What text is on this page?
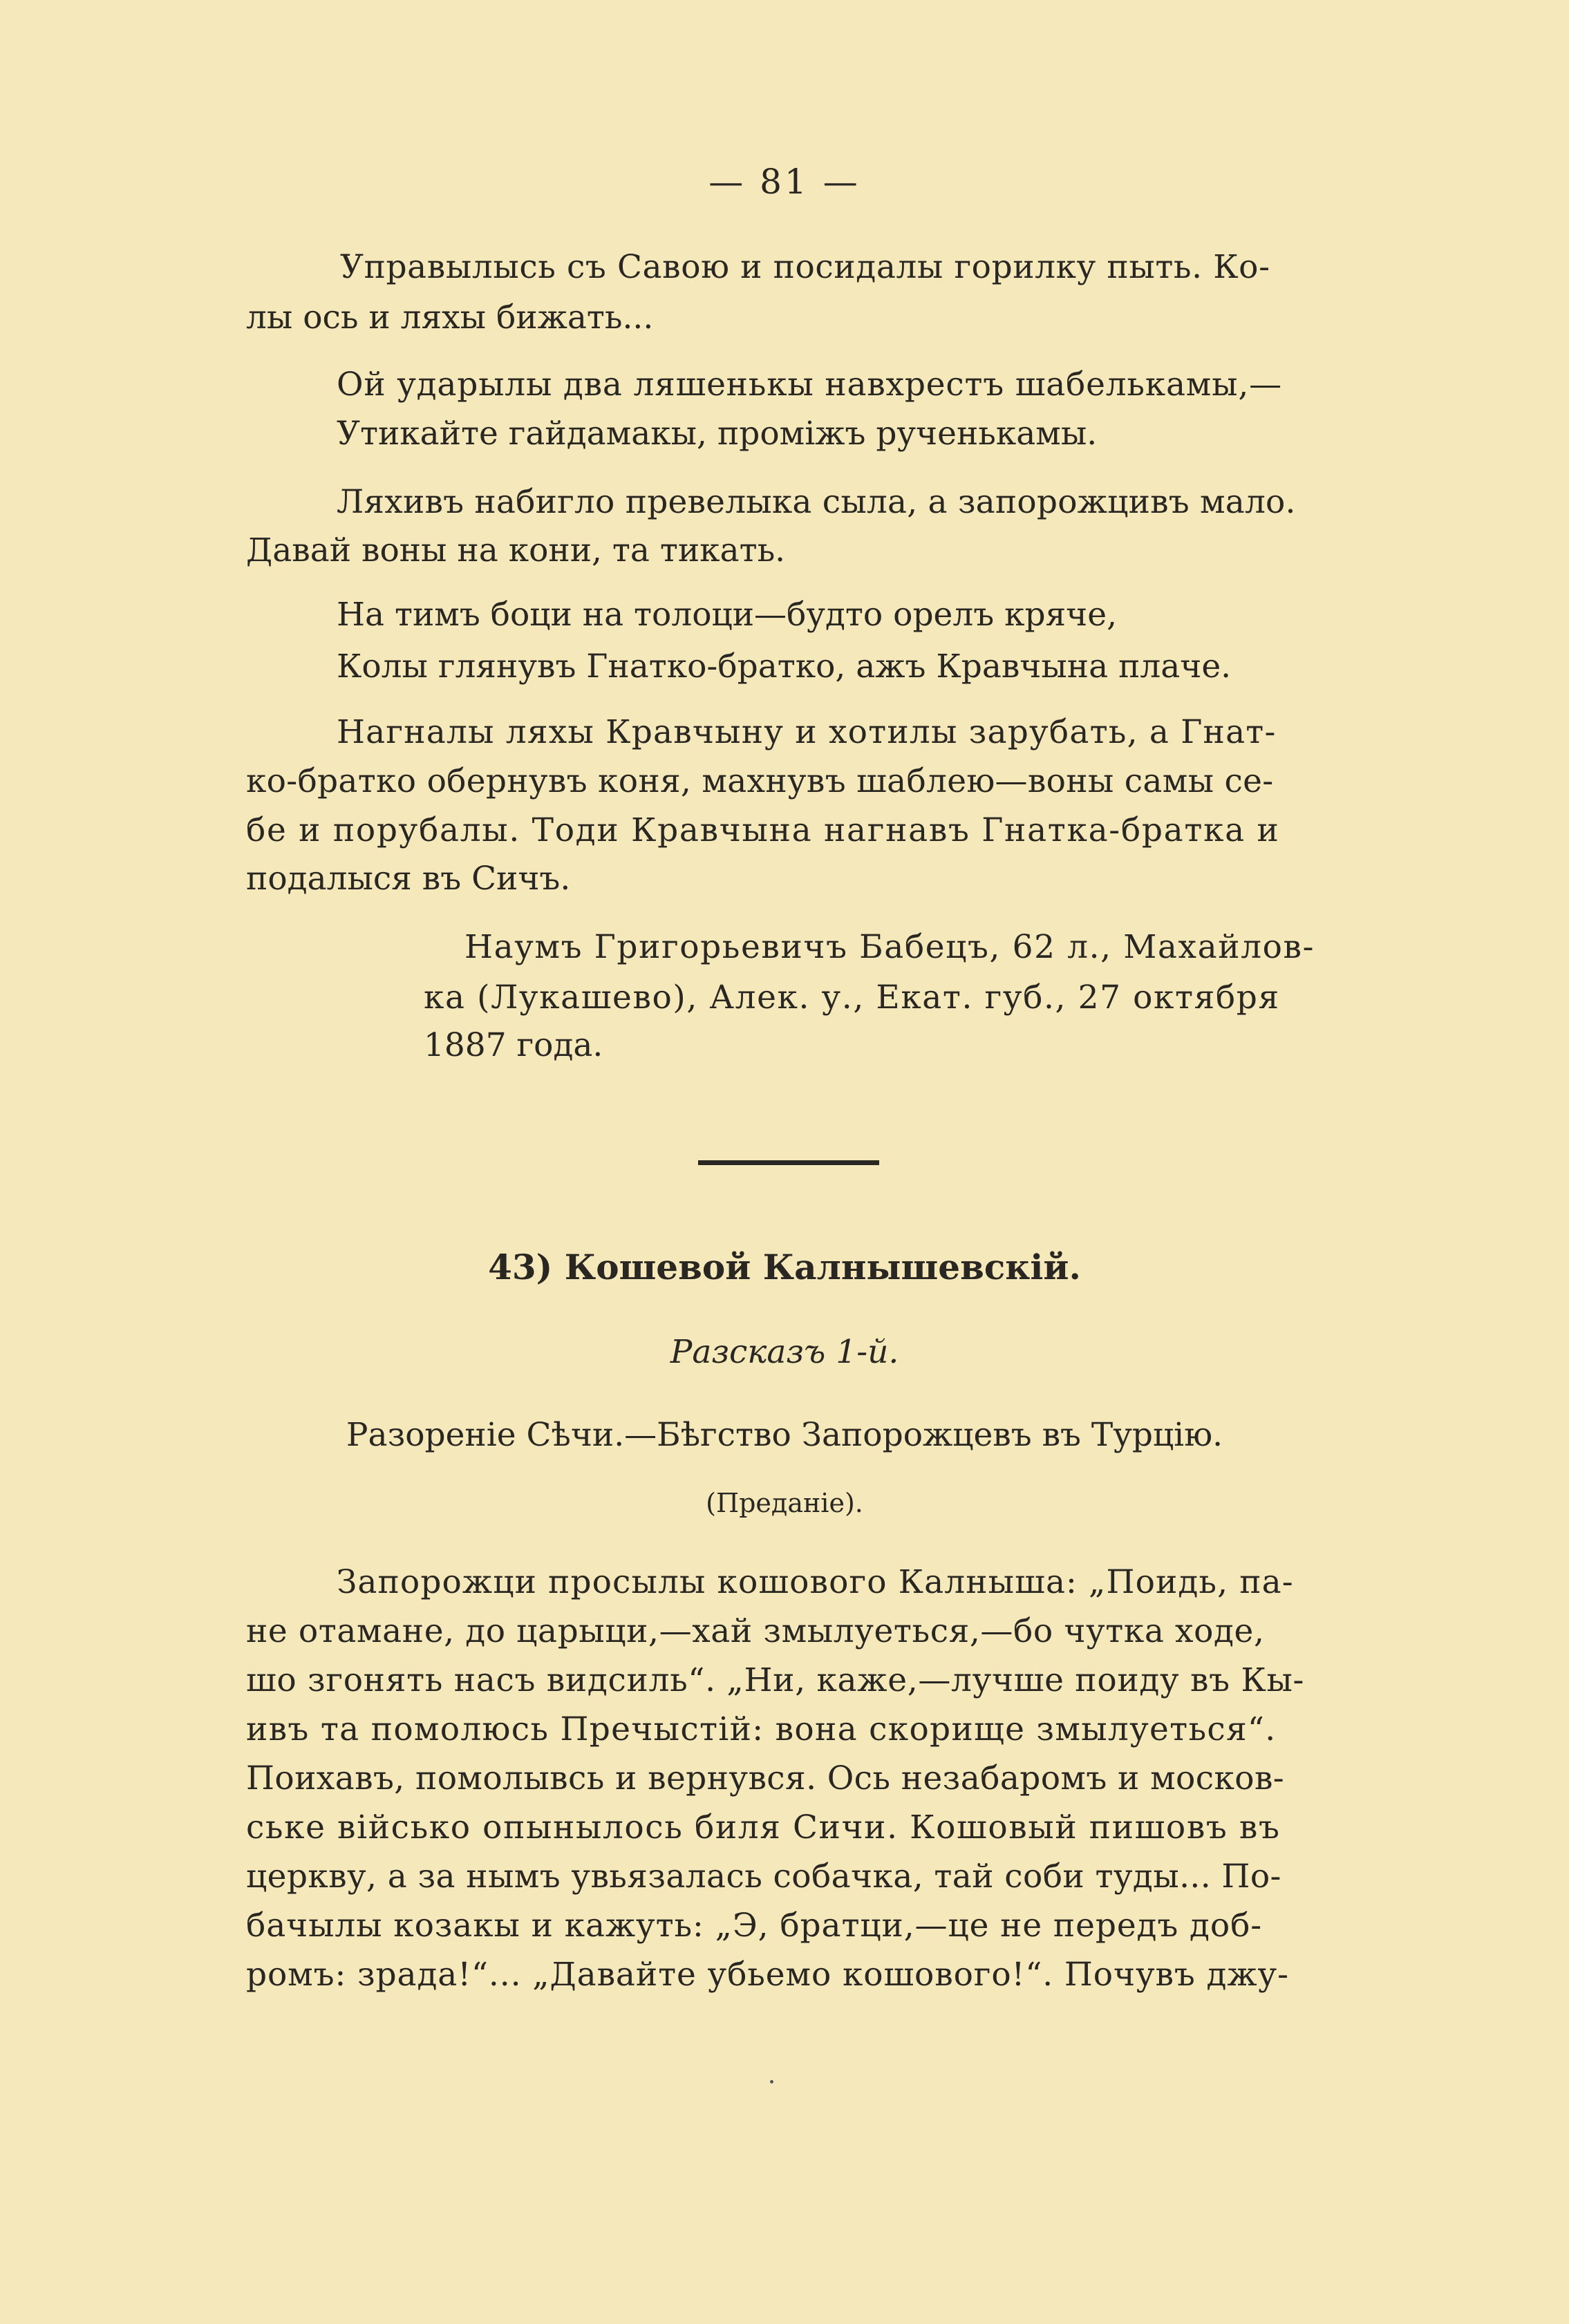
— 81 —
Управылысь съ Савою и посидалы горилку пыть. Ко-
лы ось и ляхы бижать...
Ой ударылы два ляшенькы навхрестъ шабелькамы,—
Утикайте гайдамакы, проміжъ рученькамы.
Ляхивъ набигло превелыка сыла, а запорожцивъ мало.
Давай воны на кони, та тикать.
На тимъ боци на толоци—будто орелъ кряче,
Колы глянувъ Гнатко-братко, ажъ Кравчына плаче.
Нагналы ляхы Кравчыну и хотилы зарубать, а Гнат-
ко-братко обернувъ коня, махнувъ шаблею—воны самы се-
бе и порубалы. Тоди Кравчына нагнавъ Гнатка-братка и
подалыся въ Сичъ.
Наумъ Григорьевичъ Бабецъ, 62 л., Махайлов-
ка (Лукашево), Алек. у., Екат. губ., 27 октября
1887 года.
43) Кошевой Калнышевскій.
Разсказъ 1-й.
Разореніе Сѣчи.—Бѣгство Запорожцевъ въ Турцію.
(Преданіе).
Запорожци просылы кошового Калныша: „Поидь, па-
не отамане, до царыци,—хай змылуеться,—бо чутка ходе,
шо згонять насъ видсиль“. „Ни, каже,—лучше поиду въ Кы-
ивъ та помолюсь Пречыстій: вона скорище змылуеться“.
Поихавъ, помолывсь и вернувся. Ось незабаромъ и москов-
ське військо опынылось биля Сичи. Кошовый пишовъ въ
церкву, а за нымъ увьязалась собачка, тай соби туды... По-
бачылы козакы и кажуть: „Э, братци,—це не передъ доб-
ромъ: зрада!“... „Давайте убьемо кошового!“. Почувъ джу-
